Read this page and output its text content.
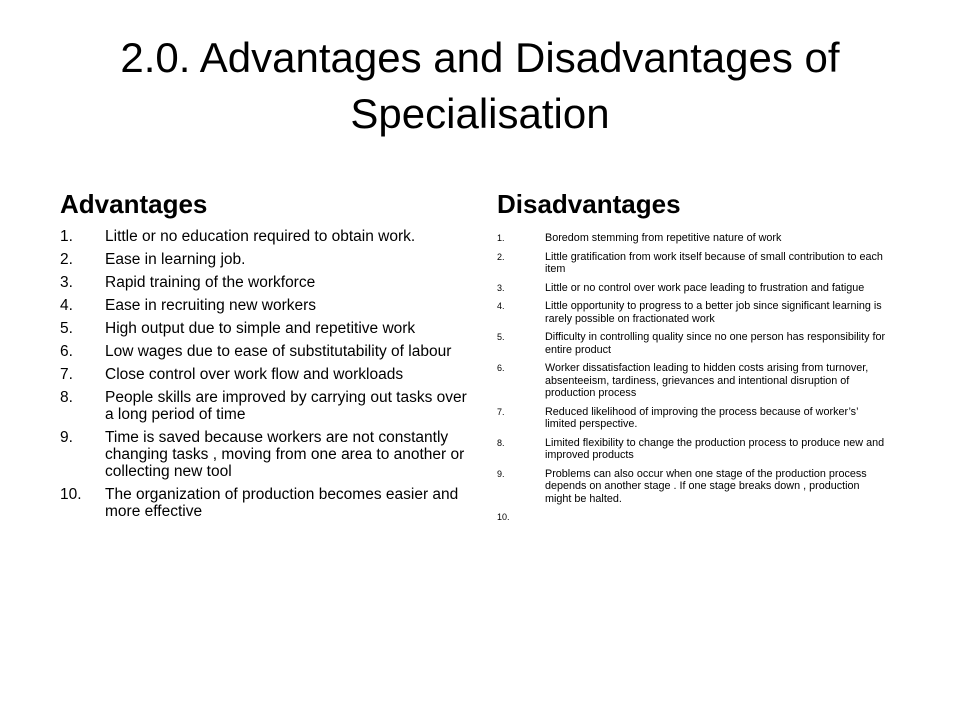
2.0. Advantages and Disadvantages of Specialisation
Advantages
1.	Little or no education required to obtain work.
2.	Ease in learning job.
3.	Rapid training of the workforce
4.	Ease in recruiting new workers
5.	High output due to simple and repetitive work
6.	Low wages due to ease of substitutability of labour
7.	Close control over work flow and workloads
8.	People skills are improved by carrying out tasks over a long period of time
9.	Time is saved because workers are not constantly changing tasks , moving from one area to another or collecting new tool
10.	The organization of production becomes easier and more effective
Disadvantages
1.	Boredom stemming from repetitive nature of work
2.	Little gratification from work itself because of small contribution to each item
3.	Little or no control over work pace leading to frustration and fatigue
4.	Little opportunity to progress to a better job since significant learning is rarely possible on fractionated work
5.	Difficulty in controlling quality since no one person has responsibility for entire product
6.	Worker dissatisfaction leading to hidden costs arising from turnover, absenteeism, tardiness, grievances and intentional disruption of production process
7.	Reduced likelihood of improving the process because of worker’s’ limited perspective.
8.	Limited flexibility to change the production process to produce new and improved products
9.	Problems can also occur when one stage of the production process depends on another stage . If one stage breaks down , production might be halted.
10.
